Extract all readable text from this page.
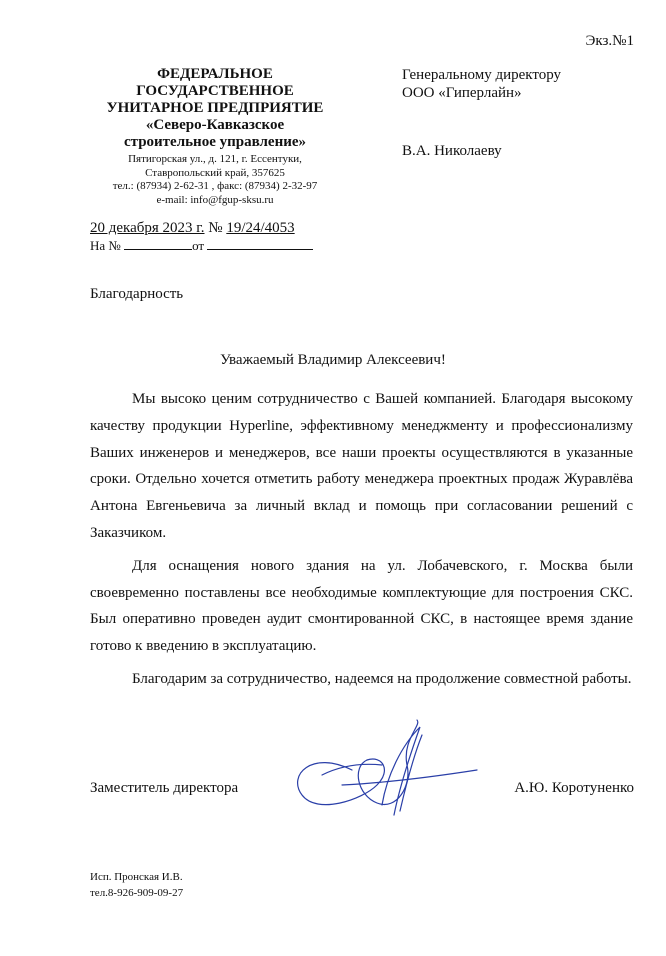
Экз.№1
ФЕДЕРАЛЬНОЕ
ГОСУДАРСТВЕННОЕ
УНИТАРНОЕ ПРЕДПРИЯТИЕ
«Северо-Кавказское
строительное управление»
Пятигорская ул., д. 121, г. Ессентуки,
Ставропольский край, 357625
тел.: (87934) 2-62-31 , факс: (87934) 2-32-97
e-mail: info@fgup-sksu.ru
20 декабря 2023 г. № 19/24/4053
На №	от
Генеральному директору
ООО «Гиперлайн»
В.А. Николаеву
Благодарность
Уважаемый Владимир Алексеевич!

Мы высоко ценим сотрудничество с Вашей компанией. Благодаря высокому качеству продукции Hyperline, эффективному менеджменту и профессионализму Ваших инженеров и менеджеров, все наши проекты осуществляются в указанные сроки. Отдельно хочется отметить работу менеджера проектных продаж Журавлёва Антона Евгеньевича за личный вклад и помощь при согласовании решений с Заказчиком.

Для оснащения нового здания на ул. Лобачевского, г. Москва были своевременно поставлены все необходимые комплектующие для построения СКС. Был оперативно проведен аудит смонтированной СКС, в настоящее время здание готово к введению в эксплуатацию.

Благодарим за сотрудничество, надеемся на продолжение совместной работы.

Заместитель директора	А.Ю. Коротуненко
Исп. Пронская И.В.
тел.8-926-909-09-27
